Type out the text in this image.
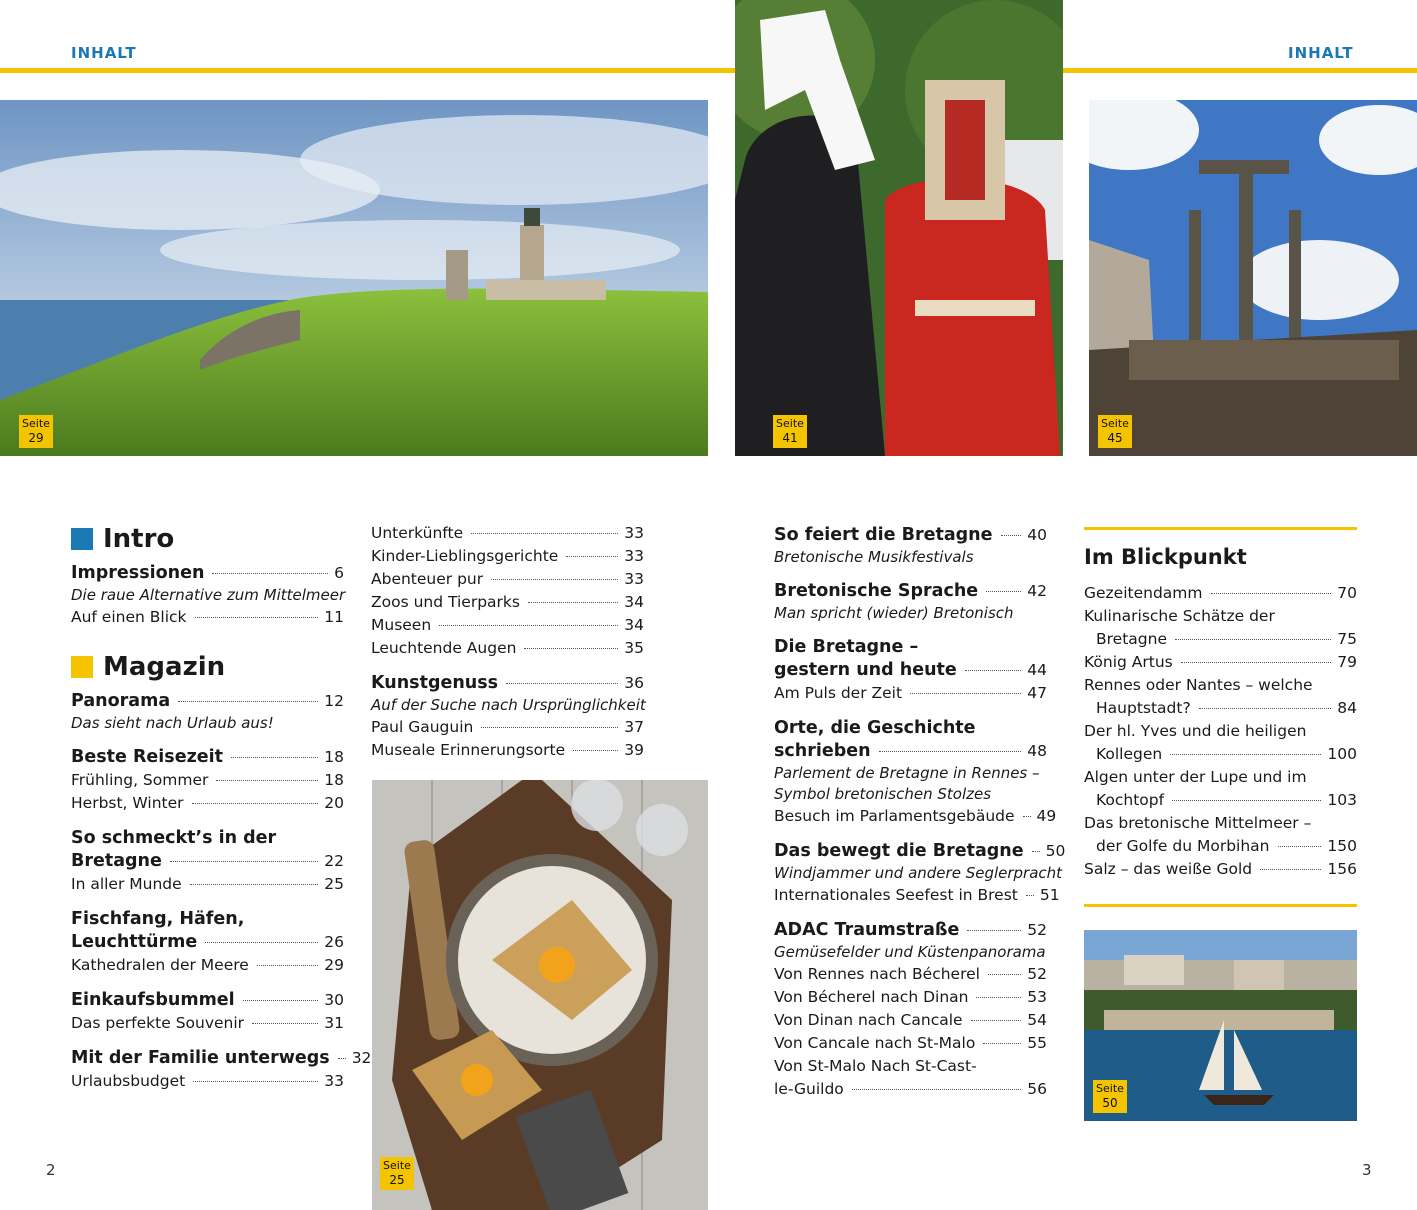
INHALT	INHALT
Seite
29
Seite
41
Seite
45
Seite
25
Seite
50
Intro
Impressionen	6
Die raue Alternative zum Mittelmeer
Auf einen Blick	11
Magazin
Panorama	12
Das sieht nach Urlaub aus!
Beste Reisezeit	18
Frühling, Sommer	18
Herbst, Winter	20
So schmeckt’s in der
Bretagne	22
In aller Munde	25
Fischfang, Häfen,
Leuchttürme	26
Kathedralen der Meere	29
Einkaufsbummel	30
Das perfekte Souvenir	31
Mit der Familie unterwegs 32
Urlaubsbudget	33
Unterkünfte	33
Kinder-Lieblingsgerichte	33
Abenteuer pur	33
Zoos und Tierparks	34
Museen	34
Leuchtende Augen	35
Kunstgenuss	36
Auf der Suche nach Ursprünglichkeit
Paul Gauguin	37
Museale Erinnerungsorte	39
So feiert die Bretagne 40
Bretonische Musikfestivals
Bretonische Sprache	42
Man spricht (wieder) Bretonisch
Die Bretagne –
gestern und heute	44
Am Puls der Zeit	47
Orte, die Geschichte
schrieben	48
Parlement de Bretagne in Rennes –
Symbol bretonischen Stolzes
Besuch im Parlamentsgebäude 49
Das bewegt die Bretagne 50
Windjammer und andere Seglerpracht
Internationales Seefest in Brest 51
ADAC Traumstraße	52
Gemüsefelder und Küstenpanorama
Von Rennes nach Bécherel	52
Von Bécherel nach Dinan	53
Von Dinan nach Cancale	54
Von Cancale nach St-Malo	55
Von St-Malo Nach St-Cast-
le-Guildo	56
Im Blickpunkt
Gezeitendamm	70
Kulinarische Schätze der
Bretagne	75
König Artus	79
Rennes oder Nantes – welche
Hauptstadt?	84
Der hl. Yves und die heiligen
Kollegen	100
Algen unter der Lupe und im
Kochtopf	103
Das bretonische Mittelmeer –
der Golfe du Morbihan	150
Salz – das weiße Gold	156
2	3
